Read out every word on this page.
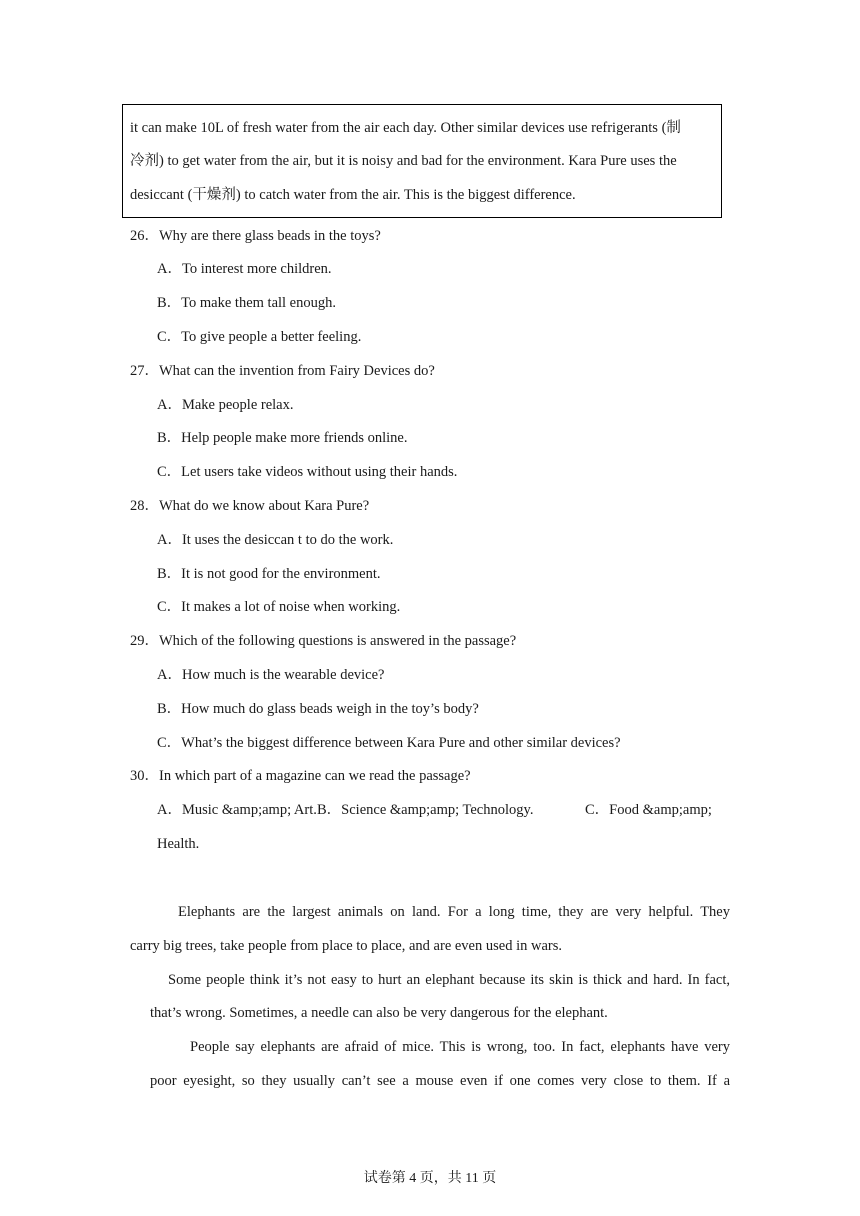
it can make 10L of fresh water from the air each day. Other similar devices use refrigerants (制
冷剂) to get water from the air, but it is noisy and bad for the environment. Kara Pure uses the
desiccant (干燥剂) to catch water from the air. This is the biggest difference.
26．Why are there glass beads in the toys?
A．To interest more children.
B．To make them tall enough.
C．To give people a better feeling.
27．What can the invention from Fairy Devices do?
A．Make people relax.
B．Help people make more friends online.
C．Let users take videos without using their hands.
28．What do we know about Kara Pure?
A．It uses the desiccan t to do the work.
B．It is not good for the environment.
C．It makes a lot of noise when working.
29．Which of the following questions is answered in the passage?
A．How much is the wearable device?
B．How much do glass beads weigh in the toy’s body?
C．What’s the biggest difference between Kara Pure and other similar devices?
30．In which part of a magazine can we read the passage?
A．Music &amp;amp; Art. B．Science &amp;amp; Technology.	C．Food &amp;amp;
Health.
Elephants are the largest animals on land. For a long time, they are very helpful. They
carry big trees, take people from place to place, and are even used in wars.
Some people think it’s not easy to hurt an elephant because its skin is thick and hard. In fact,
that’s wrong. Sometimes, a needle can also be very dangerous for the elephant.
People say elephants are afraid of mice. This is wrong, too. In fact, elephants have very
poor eyesight, so they usually can’t see a mouse even if one comes very close to them. If a
试卷第 4 页，共 11 页
